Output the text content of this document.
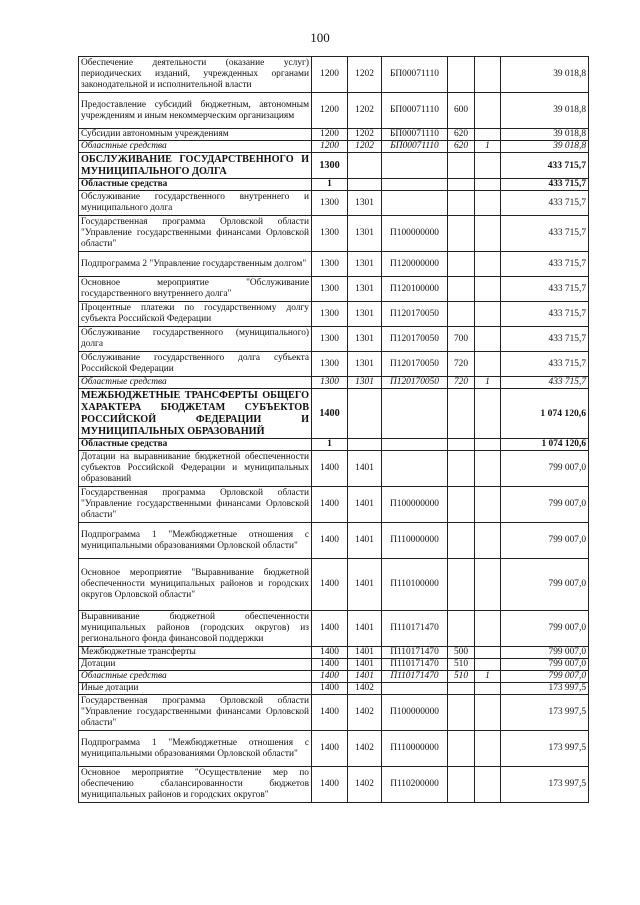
100
Обеспечение деятельности (оказание услуг) периодических изданий, учрежденных органами законодательной и исполнительной власти	1200	1202	БП00071110			39 018,8
Предоставление субсидий бюджетным, автономным учреждениям и иным некоммерческим организациям	1200	1202	БП00071110	600		39 018,8
Субсидии автономным учреждениям	1200	1202	БП00071110	620		39 018,8
Областные средства	1200	1202	БП00071110	620	1	39 018,8
ОБСЛУЖИВАНИЕ ГОСУДАРСТВЕННОГО И МУНИЦИПАЛЬНОГО ДОЛГА	1300					433 715,7
Областные средства	1					433 715,7
Обслуживание государственного внутреннего и муниципального долга	1300	1301				433 715,7
Государственная программа Орловской области "Управление государственными финансами Орловской области"	1300	1301	П100000000			433 715,7
Подпрограмма 2 "Управление государственным долгом"	1300	1301	П120000000			433 715,7
Основное мероприятие "Обслуживание государственного внутреннего долга"	1300	1301	П120100000			433 715,7
Процентные платежи по государственному долгу субъекта Российской Федерации	1300	1301	П120170050			433 715,7
Обслуживание государственного (муниципального) долга	1300	1301	П120170050	700		433 715,7
Обслуживание государственного долга субъекта Российской Федерации	1300	1301	П120170050	720		433 715,7
Областные средства	1300	1301	П120170050	720	1	433 715,7
МЕЖБЮДЖЕТНЫЕ ТРАНСФЕРТЫ ОБЩЕГО ХАРАКТЕРА БЮДЖЕТАМ СУБЪЕКТОВ РОССИЙСКОЙ ФЕДЕРАЦИИ И МУНИЦИПАЛЬНЫХ ОБРАЗОВАНИЙ	1400					1 074 120,6
Областные средства	1					1 074 120,6
Дотации на выравнивание бюджетной обеспеченности субъектов Российской Федерации и муниципальных образований	1400	1401				799 007,0
Государственная программа Орловской области "Управление государственными финансами Орловской области"	1400	1401	П100000000			799 007,0
Подпрограмма 1 "Межбюджетные отношения с муниципальными образованиями Орловской области"	1400	1401	П110000000			799 007,0
Основное мероприятие "Выравнивание бюджетной обеспеченности муниципальных районов и городских округов Орловской области"	1400	1401	П110100000			799 007,0
Выравнивание бюджетной обеспеченности муниципальных районов (городских округов) из регионального фонда финансовой поддержки	1400	1401	П110171470			799 007,0
Межбюджетные трансферты	1400	1401	П110171470	500		799 007,0
Дотации	1400	1401	П110171470	510		799 007,0
Областные средства	1400	1401	П110171470	510	1	799 007,0
Иные дотации	1400	1402				173 997,5
Государственная программа Орловской области "Управление государственными финансами Орловской области"	1400	1402	П100000000			173 997,5
Подпрограмма 1 "Межбюджетные отношения с муниципальными образованиями Орловской области"	1400	1402	П110000000			173 997,5
Основное мероприятие "Осуществление мер по обеспечению сбалансированности бюджетов муниципальных районов и городских округов"	1400	1402	П110200000			173 997,5
